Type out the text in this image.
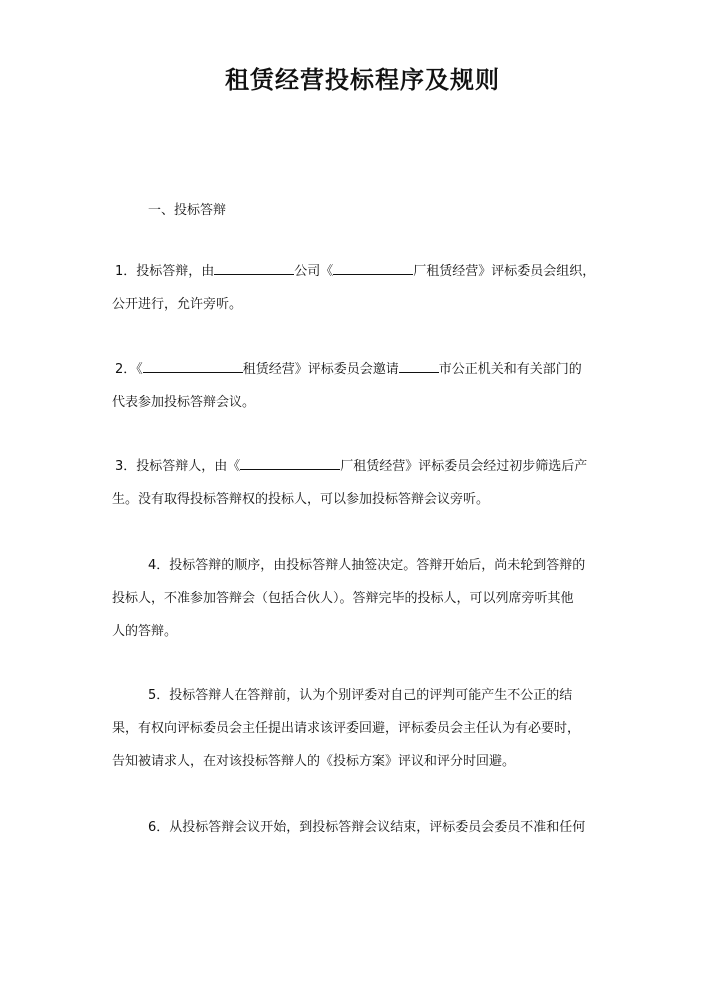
租赁经营投标程序及规则

一、投标答辩

1．投标答辩，由	公司《	厂租赁经营》评标委员会组织，
公开进行，允许旁听。
2．《	租赁经营》评标委员会邀请	市公正机关和有关部门的
代表参加投标答辩会议。
3．投标答辩人，由《	厂租赁经营》评标委员会经过初步筛选后产
生。没有取得投标答辩权的投标人，可以参加投标答辩会议旁听。
4．投标答辩的顺序，由投标答辩人抽签决定。答辩开始后，尚未轮到答辩的
投标人，不准参加答辩会（包括合伙人）。答辩完毕的投标人，可以列席旁听其他
人的答辩。
5．投标答辩人在答辩前，认为个别评委对自己的评判可能产生不公正的结
果，有权向评标委员会主任提出请求该评委回避，评标委员会主任认为有必要时，
告知被请求人，在对该投标答辩人的《投标方案》评议和评分时回避。
6．从投标答辩会议开始，到投标答辩会议结束，评标委员会委员不准和任何
